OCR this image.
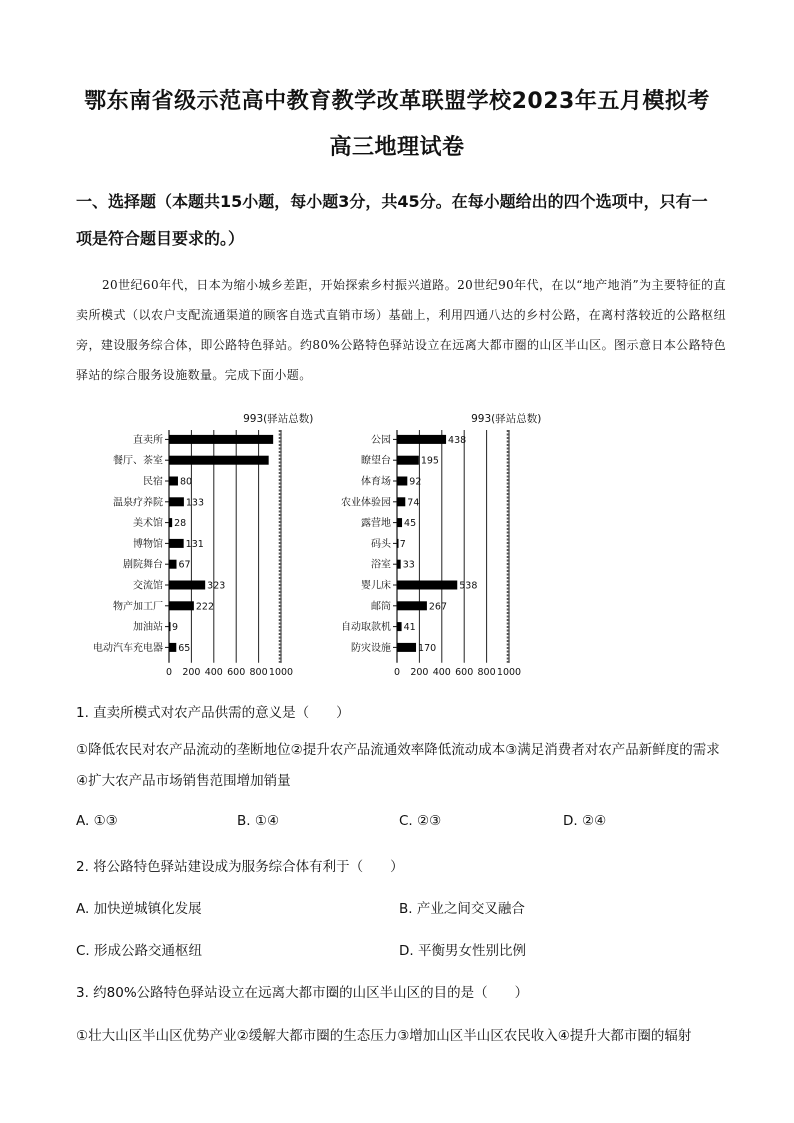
鄂东南省级示范高中教育教学改革联盟学校2023年五月模拟考
高三地理试卷
一、选择题（本题共15小题，每小题3分，共45分。在每小题给出的四个选项中，只有一项是符合题目要求的。）
20世纪60年代，日本为缩小城乡差距，开始探索乡村振兴道路。20世纪90年代，在以“地产地消”为主要特征的直卖所模式（以农户支配流通渠道的顾客自选式直销市场）基础上，利用四通八达的乡村公路，在离村落较近的公路枢纽旁，建设服务综合体，即公路特色驿站。约80%公路特色驿站设立在远离大都市圈的山区半山区。图示意日本公路特色驿站的综合服务设施数量。完成下面小题。
993(驿站总数)
0 200 400 600 800 1000
直卖所
餐厅、茶室
民宿 80
温泉疗养院 133
美术馆 28
博物馆 131
剧院舞台 67
交流馆	323
物产加工厂	222
加油站 9
电动汽车充电器 65
993(驿站总数)
0 200 400 600 800 1000
公园	438
瞭望台	195
体育场 92
农业体验园 74
露营地 45
码头 7
浴室 33
婴儿床	538
邮筒	267
自动取款机 41
防灾设施	170
1. 直卖所模式对农产品供需的意义是（　　）
①降低农民对农产品流动的垄断地位②提升农产品流通效率降低流动成本③满足消费者对农产品新鲜度的需求④扩大农产品市场销售范围增加销量
A. ①③	B. ①④	C. ②③	D. ②④
2. 将公路特色驿站建设成为服务综合体有利于（　　）
A. 加快逆城镇化发展	B. 产业之间交叉融合
C. 形成公路交通枢纽	D. 平衡男女性别比例
3. 约80%公路特色驿站设立在远离大都市圈的山区半山区的目的是（　　）
①壮大山区半山区优势产业②缓解大都市圈的生态压力③增加山区半山区农民收入④提升大都市圈的辐射
